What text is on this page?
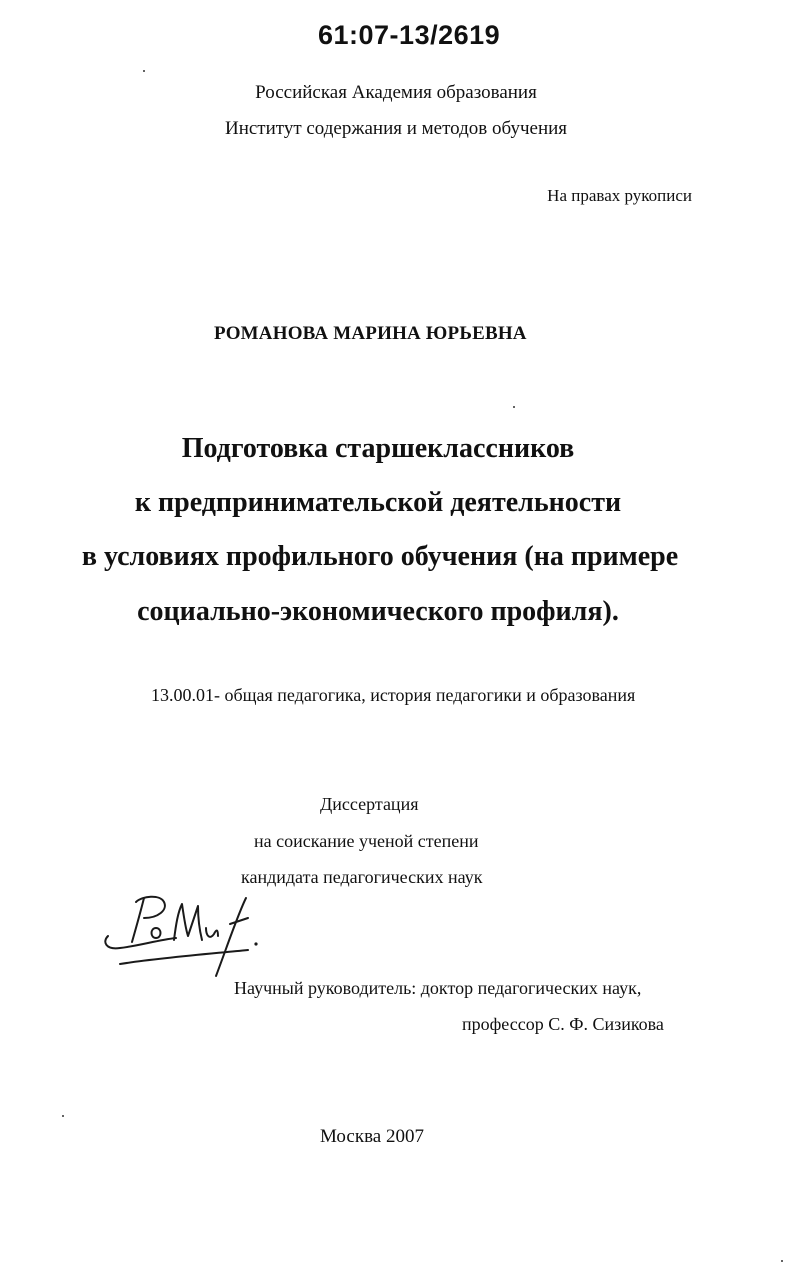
61:07-13/2619
Российская Академия образования
Институт содержания и методов обучения
На правах рукописи
РОМАНОВА МАРИНА ЮРЬЕВНА
Подготовка старшеклассников
к предпринимательской деятельности
в условиях профильного обучения (на примере
социально-экономического профиля).
13.00.01- общая педагогика, история педагогики и образования
Диссертация
на соискание ученой степени
кандидата педагогических наук
Научный руководитель: доктор педагогических наук,
профессор С. Ф. Сизикова
Москва 2007
